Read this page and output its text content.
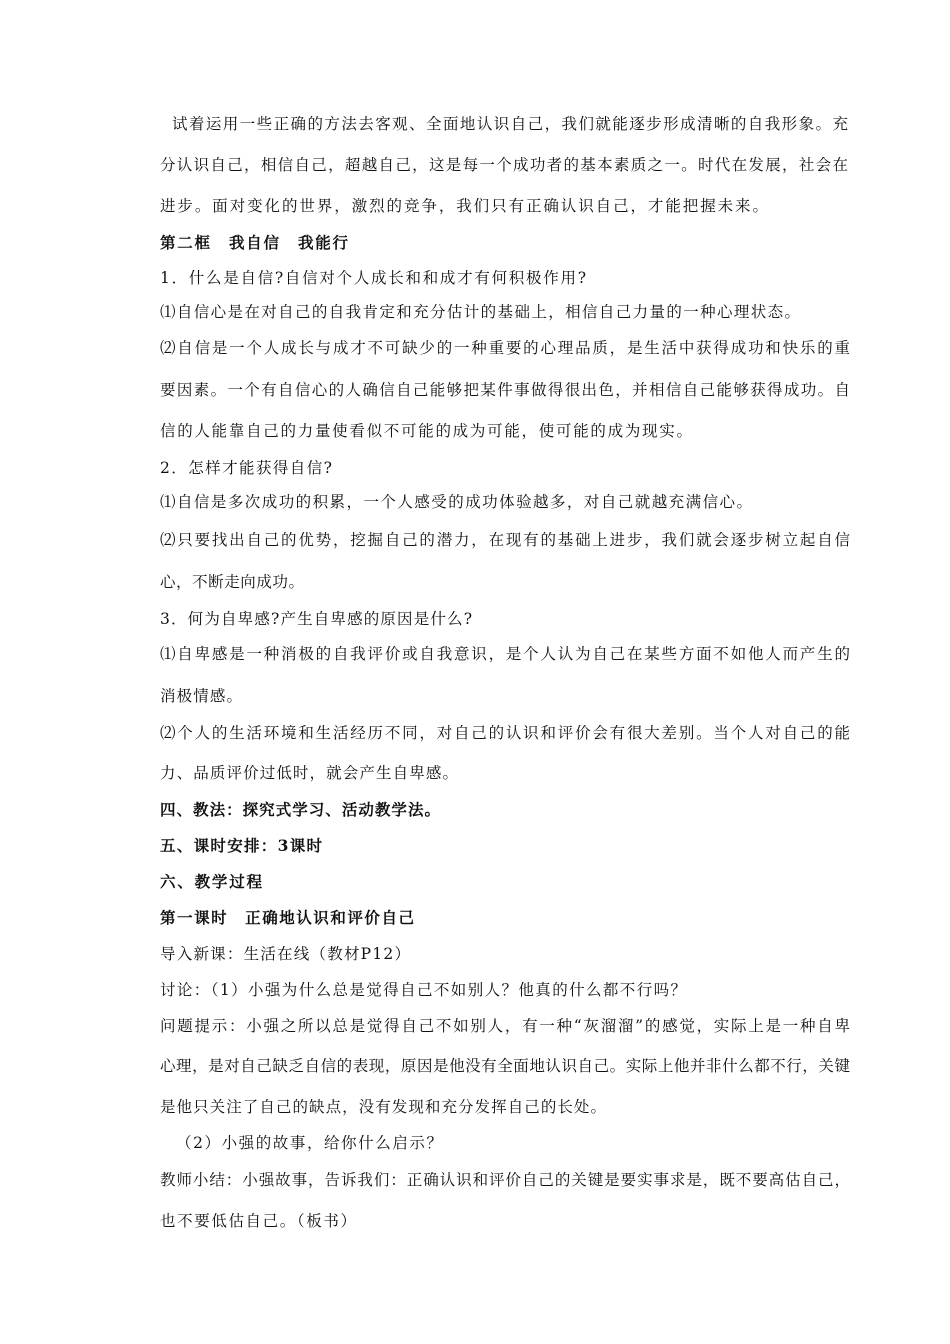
试着运用一些正确的方法去客观、全面地认识自己，我们就能逐步形成清晰的自我形象。充
分认识自己，相信自己，超越自己，这是每一个成功者的基本素质之一。时代在发展，社会在
进步。面对变化的世界，激烈的竞争，我们只有正确认识自己，才能把握未来。
第二框　我自信　我能行
1．什么是自信?自信对个人成长和和成才有何积极作用?
⑴自信心是在对自己的自我肯定和充分估计的基础上，相信自己力量的一种心理状态。
⑵自信是一个人成长与成才不可缺少的一种重要的心理品质，是生活中获得成功和快乐的重
要因素。一个有自信心的人确信自己能够把某件事做得很出色，并相信自己能够获得成功。自
信的人能靠自己的力量使看似不可能的成为可能，使可能的成为现实。
2．怎样才能获得自信?
⑴自信是多次成功的积累，一个人感受的成功体验越多，对自己就越充满信心。
⑵只要找出自己的优势，挖掘自己的潜力，在现有的基础上进步，我们就会逐步树立起自信
心，不断走向成功。
3．何为自卑感?产生自卑感的原因是什么?
⑴自卑感是一种消极的自我评价或自我意识，是个人认为自己在某些方面不如他人而产生的
消极情感。
⑵个人的生活环境和生活经历不同，对自己的认识和评价会有很大差别。当个人对自己的能
力、品质评价过低时，就会产生自卑感。
四、教法：探究式学习、活动教学法。
五、课时安排：3课时
六、教学过程
第一课时　正确地认识和评价自己
导入新课：生活在线（教材P12）
讨论：（1）小强为什么总是觉得自己不如别人？他真的什么都不行吗？
问题提示：小强之所以总是觉得自己不如别人，有一种“灰溜溜”的感觉，实际上是一种自卑
心理，是对自己缺乏自信的表现，原因是他没有全面地认识自己。实际上他并非什么都不行，关键
是他只关注了自己的缺点，没有发现和充分发挥自己的长处。
（2）小强的故事，给你什么启示？
教师小结：小强故事，告诉我们：正确认识和评价自己的关键是要实事求是，既不要高估自己，
也不要低估自己。（板书）
